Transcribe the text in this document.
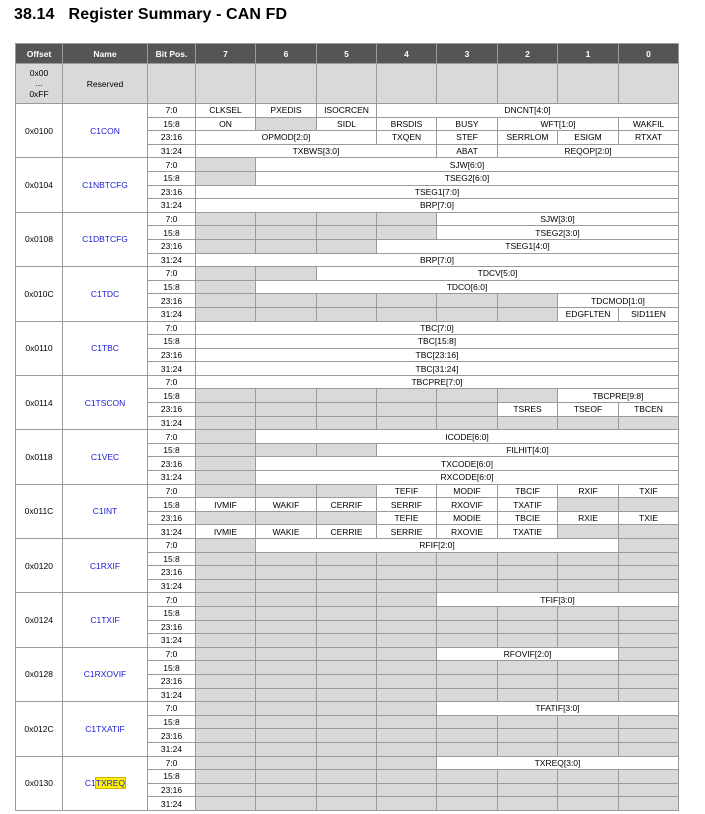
38.14 Register Summary - CAN FD
Offset	Name	Bit Pos.	7	6	5	4	3	2	1	0

0x00
...
0xFF	Reserved									
0x0100	C1CON	7:0	CLKSEL	PXEDIS	ISOCRCEN	DNCNT[4:0]				
		15:8	ON		SIDL	BRSDIS	BUSY	WFT[1:0]		WAKFIL
		23:16	OPMOD[2:0]			TXQEN	STEF	SERRLOM	ESIGM	RTXAT
		31:24	TXBWS[3:0]				ABAT	REQOP[2:0]		
0x0104	C1NBTCFG	7:0		SJW[6:0]						
		15:8		TSEG2[6:0]						
		23:16	TSEG1[7:0]							
		31:24	BRP[7:0]							
0x0108	C1DBTCFG	7:0					SJW[3:0]			
		15:8					TSEG2[3:0]			
		23:16				TSEG1[4:0]				
		31:24	BRP[7:0]							
0x010C	C1TDC	7:0			TDCV[5:0]					
		15:8		TDCO[6:0]						
		23:16							TDCMOD[1:0]	
		31:24							EDGFLTEN	SID11EN
0x0110	C1TBC	7:0	TBC[7:0]							
		15:8	TBC[15:8]							
		23:16	TBC[23:16]							
		31:24	TBC[31:24]							
0x0114	C1TSCON	7:0	TBCPRE[7:0]							
		15:8							TBCPRE[9:8]	
		23:16						TSRES	TSEOF	TBCEN
		31:24								
0x0118	C1VEC	7:0		ICODE[6:0]						
		15:8				FILHIT[4:0]				
		23:16		TXCODE[6:0]						
		31:24		RXCODE[6:0]						
0x011C	C1INT	7:0				TEFIF	MODIF	TBCIF	RXIF	TXIF
		15:8	IVMIF	WAKIF	CERRIF	SERRIF	RXOVIF	TXATIF		
		23:16				TEFIE	MODIE	TBCIE	RXIE	TXIE
		31:24	IVMIE	WAKIE	CERRIE	SERRIE	RXOVIE	TXATIE		
0x0120	C1RXIF	7:0		RFIF[2:0]						
		15:8								
		23:16								
		31:24								
0x0124	C1TXIF	7:0					TFIF[3:0]			
		15:8								
		23:16								
		31:24								
0x0128	C1RXOVIF	7:0					RFOVIF[2:0]			
		15:8								
		23:16								
		31:24								
0x012C	C1TXATIF	7:0					TFATIF[3:0]			
		15:8								
		23:16								
		31:24								
0x0130	C1TXREQ	7:0					TXREQ[3:0]			
		15:8								
		23:16								
		31:24								
